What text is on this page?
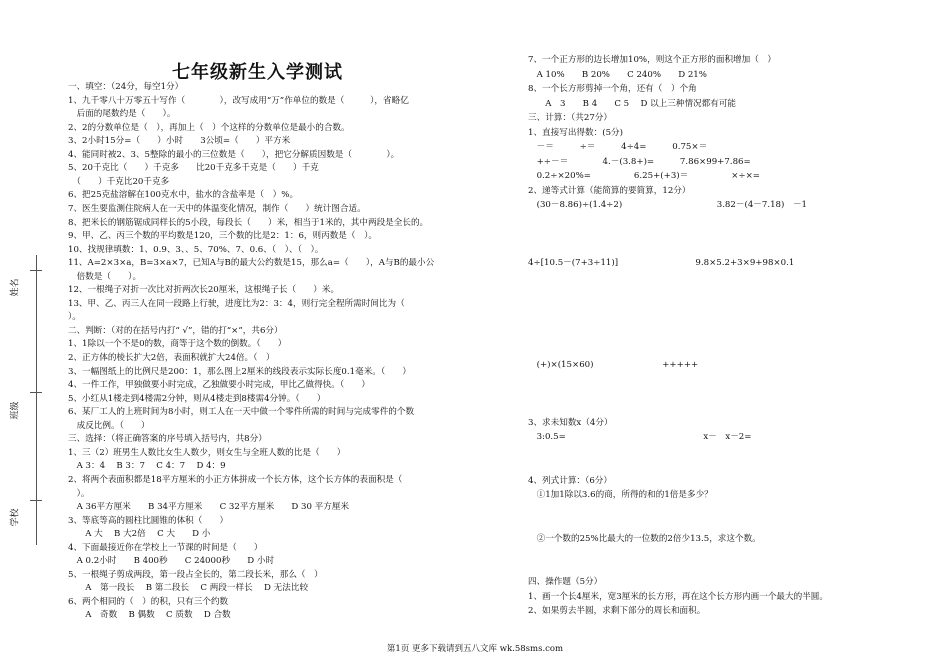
姓名
班级
学校
七年级新生入学测试
一、填空：（24分，每空1分）
1、九千零八十万零五十写作（　　　　），改写成用“万”作单位的数是（　　　），省略亿
　后面的尾数约是（　　）。
2、2的分数单位是（　），再加上（　）个这样的分数单位是最小的合数。
3、2小时15分=（　　）小时　　3公顷=（　　）平方米
4、能同时被2、3、5整除的最小的三位数是（　　），把它分解质因数是（　　　　）。
5、20千克比（　　）千克多　　比20千克多千克是（　　）千克
　（　　）千克比20千克多
6、把25克盐溶解在100克水中，盐水的含盐率是（　）%。
7、医生要监测住院病人在一天中的体温变化情况，制作（　　）统计图合适。
8、把米长的钢筋锯成同样长的5小段，每段长（　　）米，相当于1米的，其中两段是全长的。
9、甲、乙、丙三个数的平均数是120，三个数的比是2：1：6，则丙数是（　）。
10、找规律填数：1、0.9、3、、5、70%、7、0.6、（　）、（　）。
11、A=2×3×a，B=3×a×7，已知A与B的最大公约数是15，那么a=（　　），A与B的最小公
　倍数是（　　）。
12、一根绳子对折一次比对折两次长20厘米，这根绳子长（　　）米。
13、甲、乙、丙三人在同一段路上行驶，进度比为2：3：4，则行完全程所需时间比为（
）。
二、判断：（对的在括号内打“ √”，错的打“×”，共6分）
1、1除以一个不是0的数，商等于这个数的倒数。（　　）
2、正方体的棱长扩大2倍，表面积就扩大24倍。（　）
3、一幅图纸上的比例尺是200：1，那么图上2厘米的线段表示实际长度0.1毫米。（　　）
4、一件工作，甲独做要小时完成，乙独做要小时完成，甲比乙做得快。（　　）
5、小红从1楼走到4楼需2分钟，则从4楼走到8楼需4分钟。（　　）
6、某厂工人的上班时间为8小时，则工人在一天中做一个零件所需的时间与完成零件的个数
　成反比例。（　　）
三、选择：（将正确答案的序号填入括号内，共8分）
1、三（2）班男生人数比女生人数少，则女生与全班人数的比是（　　）
　A 3：4　 B 3：7　 C 4：7　 D 4：9
2、将两个表面积都是18平方厘米的小正方体拼成一个长方体，这个长方体的表面积是（
　）。
　A 36平方厘米　　B 34平方厘米　　C 32平方厘米　　D 30 平方厘米
3、等底等高的圆柱比圆锥的体积（　　）
　　A 大　 B 大2倍　 C 大　　D 小
4、下面最接近你在学校上一节课的时间是（　　）
　A 0.2小时　　B 400秒　　C 24000秒　　D 小时
5、一根绳子剪成两段，第一段占全长的，第二段长米，那么（　）
　　A　第一段长　 B 第二段长　 C 两段一样长　 D 无法比较
6、两个相同的（　）的积，只有三个约数
　　A　奇数　 B 偶数　 C 质数　 D 合数
7、一个正方形的边长增加10%，则这个正方形的面积增加（　）
　A 10%　　B 20%　　C 240%　　D 21%
8、一个长方形剪掉一个角，还有（　）个角
　　A　3　　B 4　　C 5　 D 以上三种情况都有可能
三、计算：（共27分）
1、直接写出得数：(5分)
　－＝　　　÷＝　　　4÷4=　　　0.75×＝
　+÷－＝　　　　4.－(3.8+)=　　　7.86×99+7.86=
　0.2÷×20%=　　　　　6.25+(+3)＝　　　　　×÷×=
2、递等式计算（能简算的要简算，12分）
　(30－8.86)÷(1.4÷2)　　　　　　　　　　　3.82－(4－7.18)　－1
4÷[10.5－(7+3÷11)]　　　　　　　　　9.8×5.2+3×9+98×0.1
　(+)×(15×60)　　　　　　　　+++++
3、求未知数x（4分）
　3:0.5=　　　　　　　　　　　　　　　　x－　x－2=
4、列式计算：（6分）
　①1加1除以3.6的商，所得的和的1倍是多少？
　②一个数的25%比最大的一位数的2倍少13.5，求这个数。
四、操作题（5分）
1、画一个长4厘米，宽3厘米的长方形，再在这个长方形内画一个最大的半圆。
2、如果剪去半圆，求剩下部分的周长和面积。
第1页 更多下载请到五八文库 wk.58sms.com
